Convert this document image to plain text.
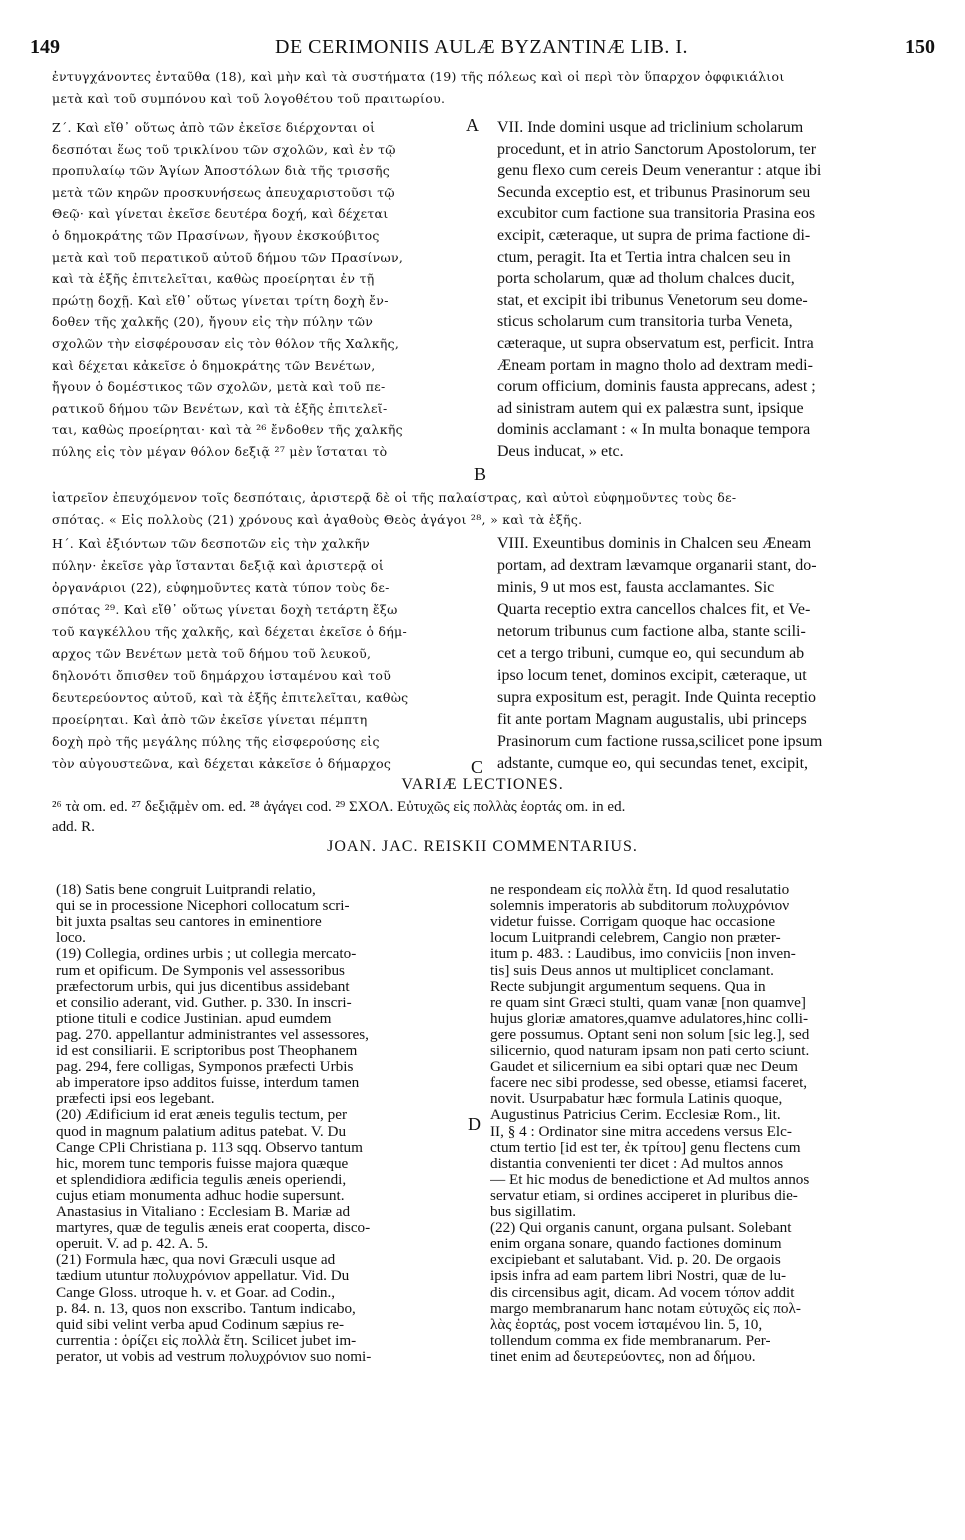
149	DE CERIMONIIS AULÆ BYZANTINÆ LIB. I.	150
ἐντυγχάνοντες ἐνταῦθα (18), καὶ μὴν καὶ τὰ συστήματα (19) τῆς πόλεως καὶ οἱ περὶ τὸν ὕπαρχον ὀφφικιάλιοι
μετὰ καὶ τοῦ συμπόνου καὶ τοῦ λογοθέτου τοῦ πραιτωρίου.
Ζ΄. Καὶ εἴθ᾽ οὕτως ἀπὸ τῶν ἐκεῖσε διέρχονται οἱ
δεσπόται ἕως τοῦ τρικλίνου τῶν σχολῶν, καὶ ἐν τῷ
προπυλαίῳ τῶν Ἁγίων Ἀποστόλων διὰ τῆς τρισσῆς
μετὰ τῶν κηρῶν προσκυνήσεως ἀπευχαριστοῦσι τῷ
Θεῷ· καὶ γίνεται ἐκεῖσε δευτέρα δοχή, καὶ δέχεται
ὁ δημοκράτης τῶν Πρασίνων, ἤγουν ἐκσκούβιτος
μετὰ καὶ τοῦ περατικοῦ αὐτοῦ δήμου τῶν Πρασίνων,
καὶ τὰ ἑξῆς ἐπιτελεῖται, καθὼς προείρηται ἐν τῇ
πρώτῃ δοχῇ. Καὶ εἴθ᾽ οὕτως γίνεται τρίτη δοχὴ ἔν-
δοθεν τῆς χαλκῆς (20), ἤγουν εἰς τὴν πύλην τῶν
σχολῶν τὴν εἰσφέρουσαν εἰς τὸν θόλον τῆς Χαλκῆς,
καὶ δέχεται κἀκεῖσε ὁ δημοκράτης τῶν Βενέτων,
ἤγουν ὁ δομέστικος τῶν σχολῶν, μετὰ καὶ τοῦ πε-
ρατικοῦ δήμου τῶν Βενέτων, καὶ τὰ ἑξῆς ἐπιτελεῖ-
ται, καθὼς προείρηται· καὶ τὰ ²⁶ ἔνδοθεν τῆς χαλκῆς
πύλης εἰς τὸν μέγαν θόλον δεξιᾷ ²⁷ μὲν ἵσταται τὸ
VII. Inde domini usque ad triclinium scholarum
procedunt, et in atrio Sanctorum Apostolorum, ter
genu flexo cum cereis Deum venerantur : atque ibi
Secunda exceptio est, et tribunus Prasinorum seu
excubitor cum factione sua transitoria Prasina eos
excipit, cæteraque, ut supra de prima factione di-
ctum, peragit. Ita et Tertia intra chalcen seu in
porta scholarum, quæ ad tholum chalces ducit,
stat, et excipit ibi tribunus Venetorum seu dome-
sticus scholarum cum transitoria turba Veneta,
cæteraque, ut supra observatum est, perficit. Intra
Æneam portam in magno tholo ad dextram medi-
corum officium, dominis fausta apprecans, adest ;
ad sinistram autem qui ex palæstra sunt, ipsique
dominis acclamant : « In multa bonaque tempora
Deus inducat, » etc.
A
B
C
D
ἰατρεῖον ἐπευχόμενον τοῖς δεσπόταις, ἀριστερᾷ δὲ οἱ τῆς παλαίστρας, καὶ αὐτοὶ εὐφημοῦντες τοὺς δε-
σπότας. « Εἰς πολλοὺς (21) χρόνους καὶ ἀγαθοὺς Θεὸς ἀγάγοι ²⁸, » καὶ τὰ ἑξῆς.
Η΄. Καὶ ἐξιόντων τῶν δεσποτῶν εἰς τὴν χαλκῆν
πύλην· ἐκεῖσε γὰρ ἵστανται δεξιᾷ καὶ ἀριστερᾷ οἱ
ὀργανάριοι (22), εὐφημοῦντες κατὰ τύπον τοὺς δε-
σπότας ²⁹. Καὶ εἴθ᾽ οὕτως γίνεται δοχὴ τετάρτη ἔξω
τοῦ καγκέλλου τῆς χαλκῆς, καὶ δέχεται ἐκεῖσε ὁ δήμ-
αρχος τῶν Βενέτων μετὰ τοῦ δήμου τοῦ λευκοῦ,
δηλονότι ὄπισθεν τοῦ δημάρχου ἱσταμένου καὶ τοῦ
δευτερεύοντος αὐτοῦ, καὶ τὰ ἑξῆς ἐπιτελεῖται, καθὼς
προείρηται. Καὶ ἀπὸ τῶν ἐκεῖσε γίνεται πέμπτη
δοχὴ πρὸ τῆς μεγάλης πύλης τῆς εἰσφερούσης εἰς
τὸν αὐγουστεῶνα, καὶ δέχεται κἀκεῖσε ὁ δήμαρχος
VIII. Exeuntibus dominis in Chalcen seu Æneam
portam, ad dextram lævamque organarii stant, do-
minis, 9 ut mos est, fausta acclamantes. Sic
Quarta receptio extra cancellos chalces fit, et Ve-
netorum tribunus cum factione alba, stante scili-
cet a tergo tribuni, cumque eo, qui secundum ab
ipso locum tenet, dominos excipit, cæteraque, ut
supra expositum est, peragit. Inde Quinta receptio
fit ante portam Magnam augustalis, ubi princeps
Prasinorum cum factione russa,scilicet pone ipsum
adstante, cumque eo, qui secundas tenet, excipit,
VARIÆ LECTIONES.
²⁶ τὰ om. ed. ²⁷ δεξιᾷμὲν om. ed. ²⁸ ἀγάγει cod. ²⁹ ΣΧΟΛ. Εὐτυχῶς εἰς πολλὰς ἑορτάς om. in ed.
add. R.
JOAN. JAC. REISKII COMMENTARIUS.
(18) Satis bene congruit Luitprandi relatio,
qui se in processione Nicephori collocatum scri-
bit juxta psaltas seu cantores in eminentiore
loco.
(19) Collegia, ordines urbis ; ut collegia mercato-
rum et opificum. De Symponis vel assessoribus
præfectorum urbis, qui jus dicentibus assidebant
et consilio aderant, vid. Guther. p. 330. In inscri-
ptione tituli e codice Justinian. apud eumdem
pag. 270. appellantur administrantes vel assessores,
id est consiliarii. E scriptoribus post Theophanem
pag. 294, fere colligas, Symponos præfecti Urbis
ab imperatore ipso additos fuisse, interdum tamen
præfecti ipsi eos legebant.
(20) Ædificium id erat æneis tegulis tectum, per
quod in magnum palatium aditus patebat. V. Du
Cange CPli Christiana p. 113 sqq. Observo tantum
hic, morem tunc temporis fuisse majora quæque
et splendidiora ædificia tegulis æneis operiendi,
cujus etiam monumenta adhuc hodie supersunt.
Anastasius in Vitaliano : Ecclesiam B. Mariæ ad
martyres, quæ de tegulis æneis erat cooperta, disco-
operuit. V. ad p. 42. A. 5.
(21) Formula hæc, qua novi Græculi usque ad
tædium utuntur πολυχρόνιον appellatur. Vid. Du
Cange Gloss. utroque h. v. et Goar. ad Codin.,
p. 84. n. 13, quos non exscribo. Tantum indicabo,
quid sibi velint verba apud Codinum sæpius re-
currentia : ὁρίζει εἰς πολλὰ ἔτη. Scilicet jubet im-
perator, ut vobis ad vestrum πολυχρόνιον suo nomi-
ne respondeam εἰς πολλὰ ἔτη. Id quod resalutatio
solemnis imperatoris ab subditorum πολυχρόνιον
videtur fuisse. Corrigam quoque hac occasione
locum Luitprandi celebrem, Cangio non præter-
itum p. 483. : Laudibus, imo conviciis [non inven-
tis] suis Deus annos ut multiplicet conclamant.
Recte subjungit argumentum sequens. Qua in
re quam sint Græci stulti, quam vanæ [non quamve]
hujus gloriæ amatores,quamve adulatores,hinc colli-
gere possumus. Optant seni non solum [sic leg.], sed
silicernio, quod naturam ipsam non pati certo sciunt.
Gaudet et silicernium ea sibi optari quæ nec Deum
facere nec sibi prodesse, sed obesse, etiamsi faceret,
novit. Usurpabatur hæc formula Latinis quoque,
Augustinus Patricius Cerim. Ecclesiæ Rom., lit.
II, § 4 : Ordinator sine mitra accedens versus Elc-
ctum tertio [id est ter, ἐκ τρίτου] genu flectens cum
distantia convenienti ter dicet : Ad multos annos
— Et hic modus de benedictione et Ad multos annos
servatur etiam, si ordines acciperet in pluribus die-
bus sigillatim.
(22) Qui organis canunt, organa pulsant. Solebant
enim organa sonare, quando factiones dominum
excipiebant et salutabant. Vid. p. 20. De orgaois
ipsis infra ad eam partem libri Nostri, quæ de lu-
dis circensibus agit, dicam. Ad vocem τόπον addit
margo membranarum hanc notam εὐτυχῶς εἰς πολ-
λὰς ἑορτάς, post vocem ἱσταμένου lin. 5, 10,
tollendum comma ex fide membranarum. Per-
tinet enim ad δευτερεύοντες, non ad δήμου.
